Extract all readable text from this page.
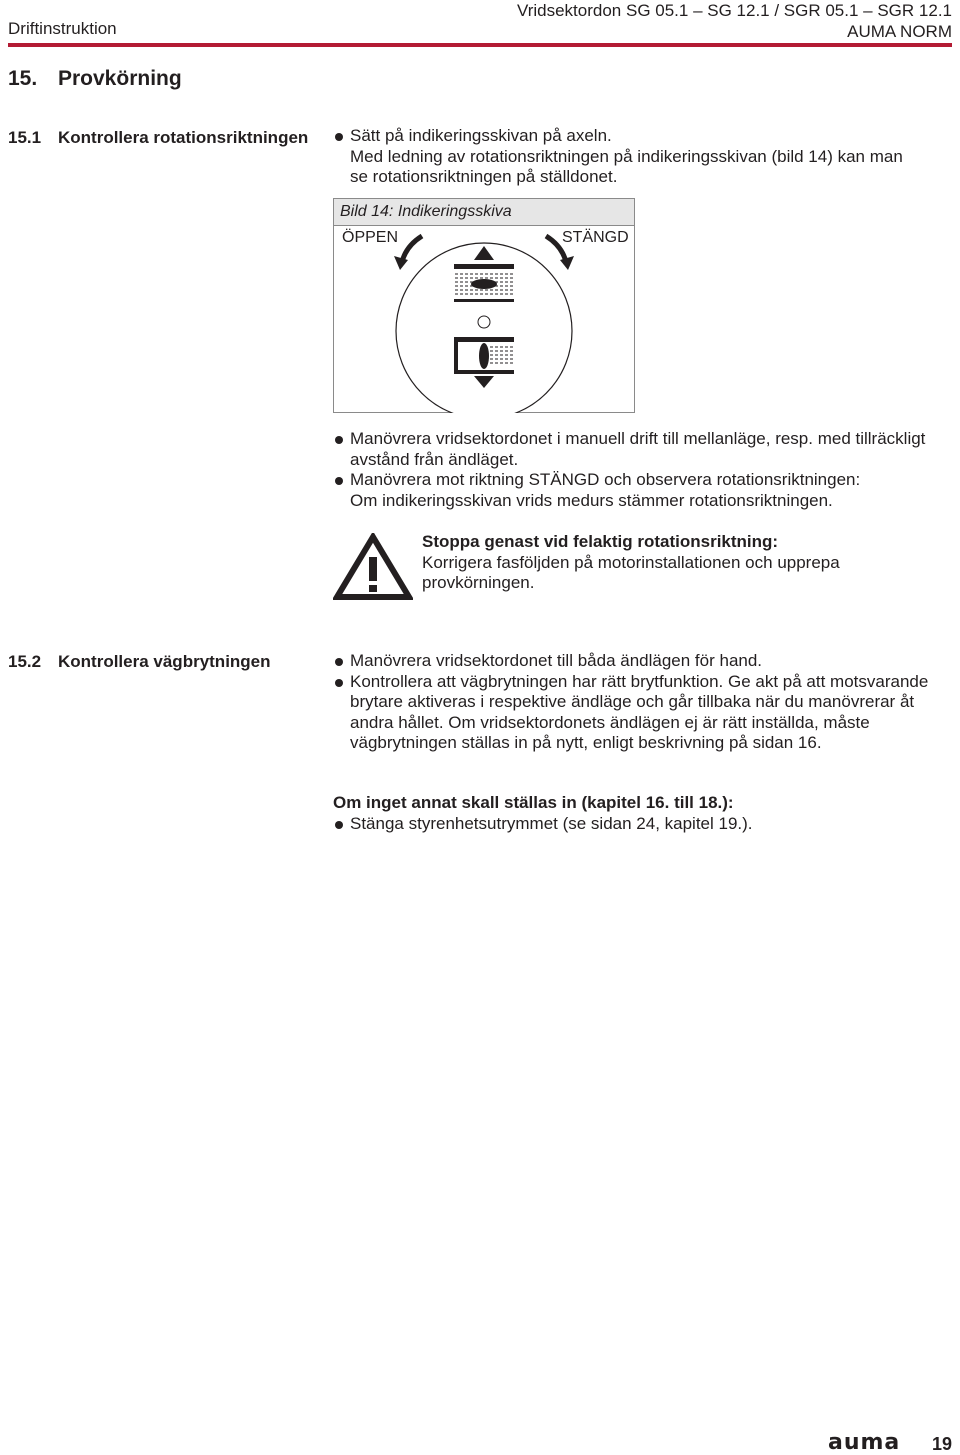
Driftinstruktion
Vridsektordon SG 05.1 – SG 12.1 / SGR 05.1 – SGR 12.1
AUMA NORM
15. Provkörning
15.1 Kontrollera rotationsriktningen	Sätt på indikeringsskivan på axeln.
Med ledning av rotationsriktningen på indikeringsskivan (bild 14) kan man se rotationsriktningen på ställdonet.
Bild 14: Indikeringsskiva
ÖPPEN	STÄNGD
Manövrera vridsektordonet i manuell drift till mellanläge, resp. med tillräckligt avstånd från ändläget.
Manövrera mot riktning STÄNGD och observera rotationsriktningen:
Om indikeringsskivan vrids medurs stämmer rotationsriktningen.
Stoppa genast vid felaktig rotationsriktning:
Korrigera fasföljden på motorinstallationen och upprepa provkörningen.
15.2 Kontrollera vägbrytningen	Manövrera vridsektordonet till båda ändlägen för hand.
Kontrollera att vägbrytningen har rätt brytfunktion. Ge akt på att motsvarande brytare aktiveras i respektive ändläge och går tillbaka när du manövrerar åt andra hållet. Om vridsektordonets ändlägen ej är rätt inställda, måste vägbrytningen ställas in på nytt, enligt beskrivning på sidan 16.
Om inget annat skall ställas in (kapitel 16. till 18.):
Stänga styrenhetsutrymmet (se sidan 24, kapitel 19.).
auma	19
